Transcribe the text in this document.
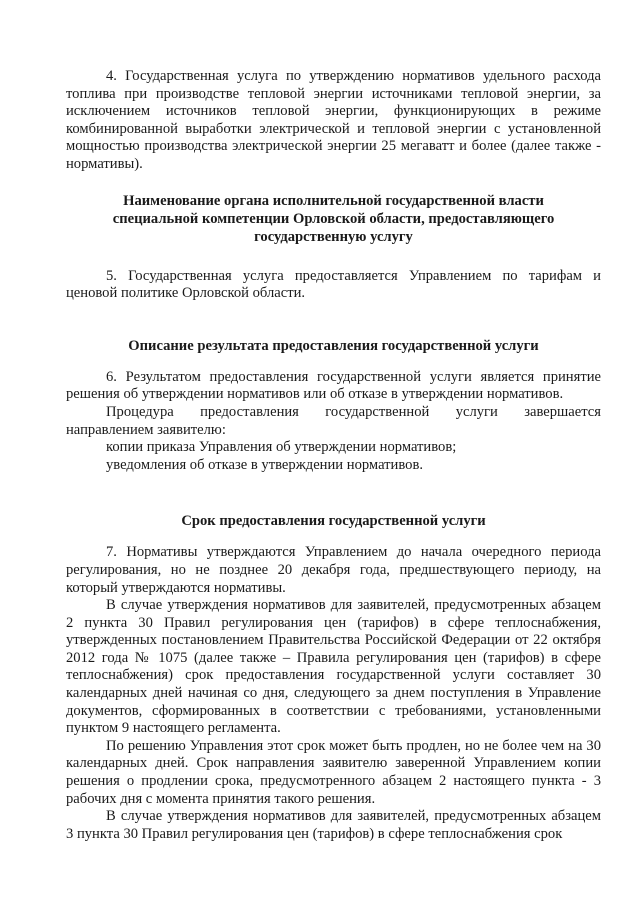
4. Государственная услуга по утверждению нормативов удельного расхода топлива при производстве тепловой энергии источниками тепловой энергии, за исключением источников тепловой энергии, функционирующих в режиме комбинированной выработки электрической и тепловой энергии с установленной мощностью производства электрической энергии 25 мегаватт и более (далее также - нормативы).

Наименование органа исполнительной государственной власти специальной компетенции Орловской области, предоставляющего государственную услугу

5. Государственная услуга предоставляется Управлением по тарифам и ценовой политике Орловской области.

Описание результата предоставления государственной услуги

6. Результатом предоставления государственной услуги является принятие решения об утверждении нормативов или об отказе в утверждении нормативов.

Процедура предоставления государственной услуги завершается направлением заявителю:

копии приказа Управления об утверждении нормативов;

уведомления об отказе в утверждении нормативов.

Срок предоставления государственной услуги

7. Нормативы утверждаются Управлением до начала очередного периода регулирования, но не позднее 20 декабря года, предшествующего периоду, на который утверждаются нормативы.

В случае утверждения нормативов для заявителей, предусмотренных абзацем 2 пункта 30 Правил регулирования цен (тарифов) в сфере теплоснабжения, утвержденных постановлением Правительства Российской Федерации от 22 октября 2012 года № 1075 (далее также – Правила регулирования цен (тарифов) в сфере теплоснабжения) срок предоставления государственной услуги составляет 30 календарных дней начиная со дня, следующего за днем поступления в Управление документов, сформированных в соответствии с требованиями, установленными пунктом 9 настоящего регламента.

По решению Управления этот срок может быть продлен, но не более чем на 30 календарных дней. Срок направления заявителю заверенной Управлением копии решения о продлении срока, предусмотренного абзацем 2 настоящего пункта - 3 рабочих дня с момента принятия такого решения.

В случае утверждения нормативов для заявителей, предусмотренных абзацем 3 пункта 30 Правил регулирования цен (тарифов) в сфере теплоснабжения срок
